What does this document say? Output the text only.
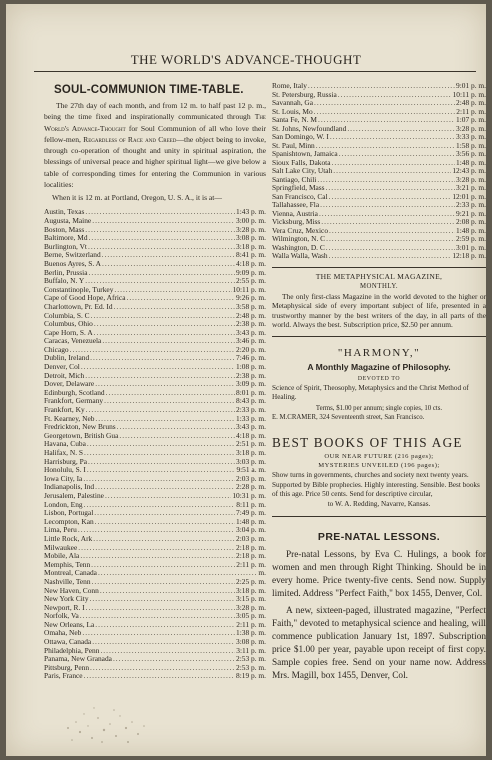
THE WORLD'S ADVANCE-THOUGHT
SOUL-COMMUNION TIME-TABLE.

The 27th day of each month, and from 12 m. to half past 12 p. m., being the time fixed and inspirationally communicated through The World's Advance-Thought for Soul Communion of all who love their fellow-men, Regardless of Race and Creed—the object being to invoke, through co-operation of thought and unity in spiritual aspiration, the blessings of universal peace and higher spiritual light—we give below a table of corresponding times for entering the Communion in various localities:

When it is 12 m. at Portland, Oregon, U. S. A., it is at—
Austin, Texas .....	1:43 p. m.
Augusta, Maine .....	3:00 p. m.
Boston, Mass .....	3:28 p. m.
Baltimore, Md .....	3:08 p. m.
Burlington, Vt .....	3:18 p. m.
Berne, Switzerland .....	8:41 p. m.
Buenos Ayres, S. A .....	4:18 p. m.
Berlin, Prussia .....	9:09 p. m.
Buffalo, N. Y .....	2:55 p. m.
Constantinople, Turkey .....	10:11 p. m.
Cape of Good Hope, Africa .....	9:26 p. m.
Charlottown, Pr. Ed. Id .....	3:58 p. m.
Columbia, S. C .....	2:48 p. m.
Columbus, Ohio .....	2:38 p. m.
Cape Horn, S. A .....	3:43 p. m.
Caracas, Venezuela .....	3:46 p. m.
Chicago .....	2:20 p. m.
Dublin, Ireland .....	7:46 p. m.
Denver, Col .....	1:08 p. m.
Detroit, Mich .....	2:38 p. m.
Dover, Delaware .....	3:09 p. m.
Edinburgh, Scotland .....	8:01 p. m.
Frankfort, Germany .....	8:43 p. m.
Frankfort, Ky .....	2:33 p. m.
Ft. Kearney, Neb .....	1:33 p. m.
Fredrickton, New Bruns .....	3:43 p. m.
Georgetown, British Gua .....	4:18 p. m.
Havana, Cuba .....	2:51 p. m.
Halifax, N. S .....	3:18 p. m.
Harrisburg, Pa .....	3:03 p. m.
Honolulu, S. I .....	9:51 a. m.
Iowa City, Ia .....	2:03 p. m.
Indianapolis, Ind .....	2:28 p. m.
Jerusalem, Palestine .....	10:31 p. m.
London, Eng .....	8:11 p. m.
Lisbon, Portugal .....	7:49 p. m.
Lecompton, Kan .....	1:48 p. m.
Lima, Peru .....	3:04 p. m.
Little Rock, Ark .....	2:03 p. m.
Milwaukee .....	2:18 p. m.
Mobile, Ala .....	2:18 p. m.
Memphis, Tenn .....	2:11 p. m.
Montreal, Canada .....	m.
Nashville, Tenn .....	2:25 p. m.
New Haven, Conn .....	3:18 p. m.
New York City .....	3:15 p. m.
Newport, R. I .....	3:28 p. m.
Norfolk, Va .....	3:05 p. m.
New Orleans, La .....	2:11 p. m.
Omaha, Neb .....	1:38 p. m.
Ottawa, Canada .....	3:08 p. m.
Philadelphia, Penn .....	3:11 p. m.
Panama, New Granada .....	2:53 p. m.
Pittsburg, Penn .....	2:53 p. m.
Paris, France .....	8:19 p. m.
Rome, Italy .....	9:01 p. m.
St. Petersburg, Russia .....	10:11 p. m.
Savannah, Ga .....	2:48 p. m.
St. Louis, Mo .....	2:11 p. m.
Santa Fe, N. M .....	1:07 p. m.
St. Johns, Newfoundland .....	3:28 p. m.
San Domingo, W. I .....	3:33 p. m.
St. Paul, Minn .....	1:58 p. m.
Spanishtown, Jamaica .....	3:56 p. m.
Sioux Falls, Dakota .....	1:48 p. m.
Salt Lake City, Utah .....	12:43 p. m.
Santiago, Chili .....	3:28 p. m.
Springfield, Mass .....	3:21 p. m.
San Francisco, Cal .....	12:01 p. m.
Tallahassee, Fla .....	2:33 p. m.
Vienna, Austria .....	9:21 p. m.
Vicksburg, Miss .....	2:08 p. m.
Vera Cruz, Mexico .....	1:48 p. m.
Wilmington, N. C .....	2:59 p. m.
Washington, D. C .....	3:01 p. m.
Walla Walla, Wash .....	12:18 p. m.
THE METAPHYSICAL MAGAZINE,
MONTHLY.

The only first-class Magazine in the world devoted to the higher or Metaphysical side of every important subject of life, presented in a trustworthy manner by the best writers of the day, in all parts of the world. Always the best. Subscription price, $2.50 per annum.

"HARMONY,"
A Monthly Magazine of Philosophy.
DEVOTED TO

Science of Spirit, Theosophy, Metaphysics and the Christ Method of Healing.

Terms, $1.00 per annum; single copies, 10 cts.
E. M.CRAMER, 324 Seventeenth street, San Francisco.
BEST BOOKS OF THIS AGE
OUR NEAR FUTURE (216 pages);
MYSTERIES UNVEILED (196 pages);
Show turns in governments, churches and society next twenty years. Supported by Bible prophecies. Highly interesting. Sensible. Best books of this age. Price 50 cents. Send for descriptive circular,
to W. A. Redding, Navarre, Kansas.
PRE-NATAL LESSONS.

Pre-natal Lessons, by Eva C. Hulings, a book for women and men through Right Thinking. Should be in every home. Price twenty-five cents. Send now. Supply limited. Address "Perfect Faith," box 1455, Denver, Col.

A new, sixteen-paged, illustrated magazine, "Perfect Faith," devoted to metaphysical science and healing, will commence publication January 1st, 1897. Subscription price $1.00 per year, payable upon receipt of first copy. Sample copies free. Send on your name now. Address Mrs. Magill, box 1455, Denver, Col.
